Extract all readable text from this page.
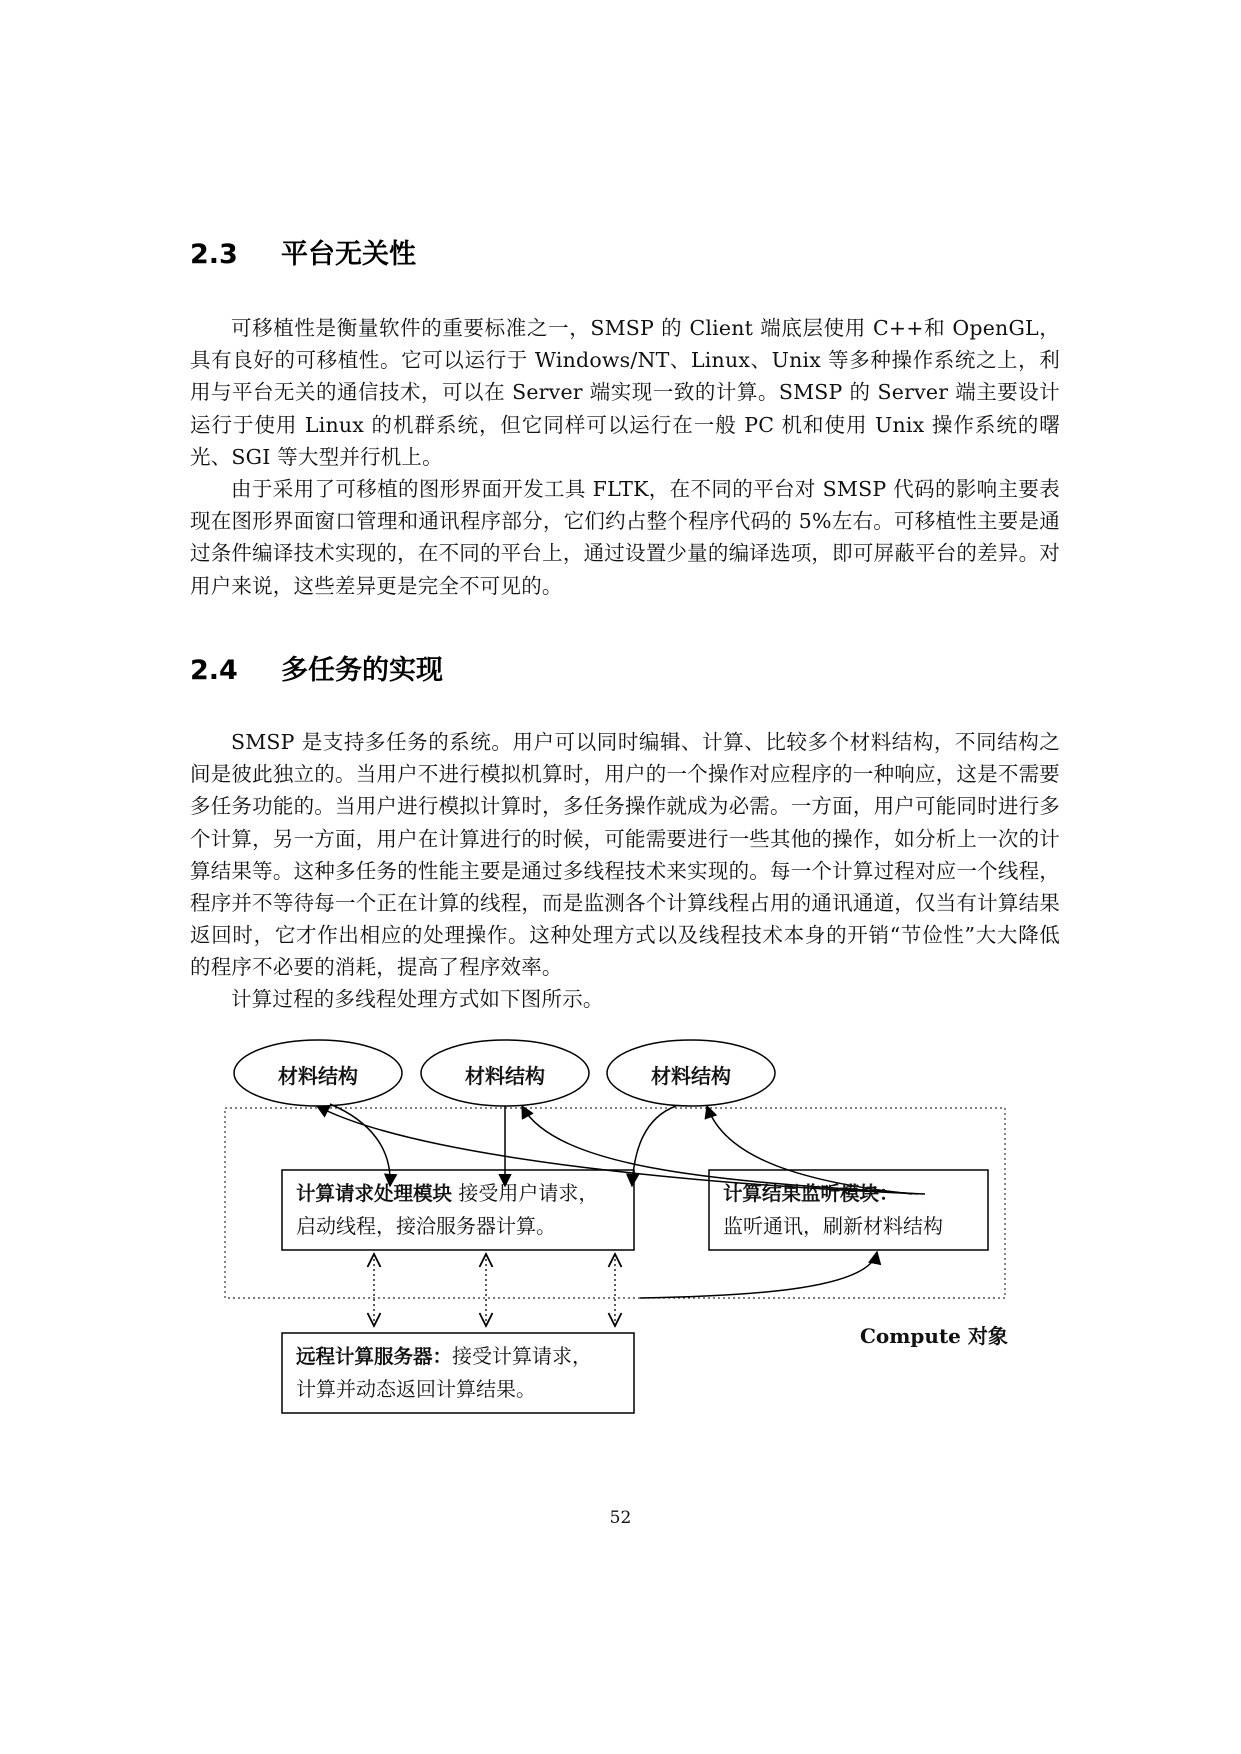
2.3 平台无关性
可移植性是衡量软件的重要标准之一，SMSP 的 Client 端底层使用 C++和 OpenGL，具有良好的可移植性。它可以运行于 Windows/NT、Linux、Unix 等多种操作系统之上，利用与平台无关的通信技术，可以在 Server 端实现一致的计算。SMSP 的 Server 端主要设计运行于使用 Linux 的机群系统，但它同样可以运行在一般 PC 机和使用 Unix 操作系统的曙光、SGI 等大型并行机上。
由于采用了可移植的图形界面开发工具 FLTK，在不同的平台对 SMSP 代码的影响主要表现在图形界面窗口管理和通讯程序部分，它们约占整个程序代码的 5%左右。可移植性主要是通过条件编译技术实现的，在不同的平台上，通过设置少量的编译选项，即可屏蔽平台的差异。对用户来说，这些差异更是完全不可见的。
2.4 多任务的实现
SMSP 是支持多任务的系统。用户可以同时编辑、计算、比较多个材料结构，不同结构之间是彼此独立的。当用户不进行模拟机算时，用户的一个操作对应程序的一种响应，这是不需要多任务功能的。当用户进行模拟计算时，多任务操作就成为必需。一方面，用户可能同时进行多个计算，另一方面，用户在计算进行的时候，可能需要进行一些其他的操作，如分析上一次的计算结果等。这种多任务的性能主要是通过多线程技术来实现的。每一个计算过程对应一个线程，程序并不等待每一个正在计算的线程，而是监测各个计算线程占用的通讯通道，仅当有计算结果返回时，它才作出相应的处理操作。这种处理方式以及线程技术本身的开销“节俭性”大大降低的程序不必要的消耗，提高了程序效率。
计算过程的多线程处理方式如下图所示。
材料结构	材料结构	材料结构
计算请求处理模块 接受用户请求，
启动线程，接洽服务器计算。
计算结果监听模块：
监听通讯，刷新材料结构
远程计算服务器：接受计算请求，
计算并动态返回计算结果。
Compute 对象
52
